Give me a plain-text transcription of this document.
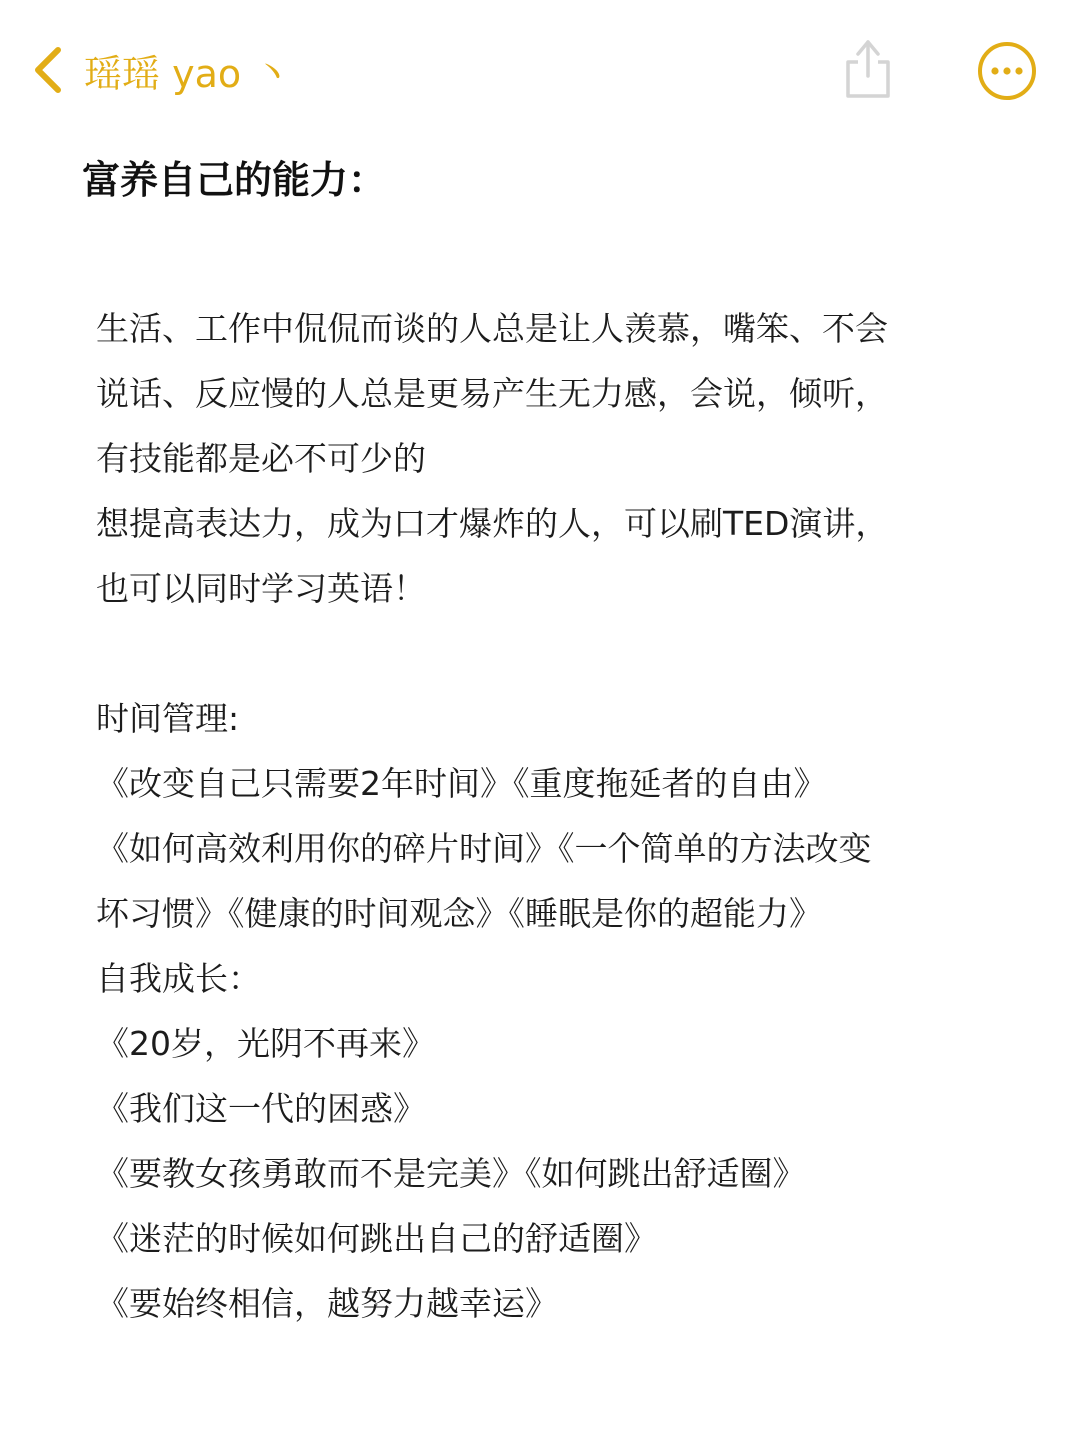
瑶瑶 yao 丶
富养自己的能力：
生活、工作中侃侃而谈的人总是让人羡慕，嘴笨、不会
说话、反应慢的人总是更易产生无力感，会说，倾听，
有技能都是必不可少的
想提高表达力，成为口才爆炸的人，可以刷TED演讲，
也可以同时学习英语！
时间管理:
《改变自己只需要2年时间》《重度拖延者的自由》
《如何高效利用你的碎片时间》《一个简单的方法改变
坏习惯》《健康的时间观念》《睡眠是你的超能力》
自我成长：
《20岁，光阴不再来》
《我们这一代的困惑》
《要教女孩勇敢而不是完美》《如何跳出舒适圈》
《迷茫的时候如何跳出自己的舒适圈》
《要始终相信，越努力越幸运》
